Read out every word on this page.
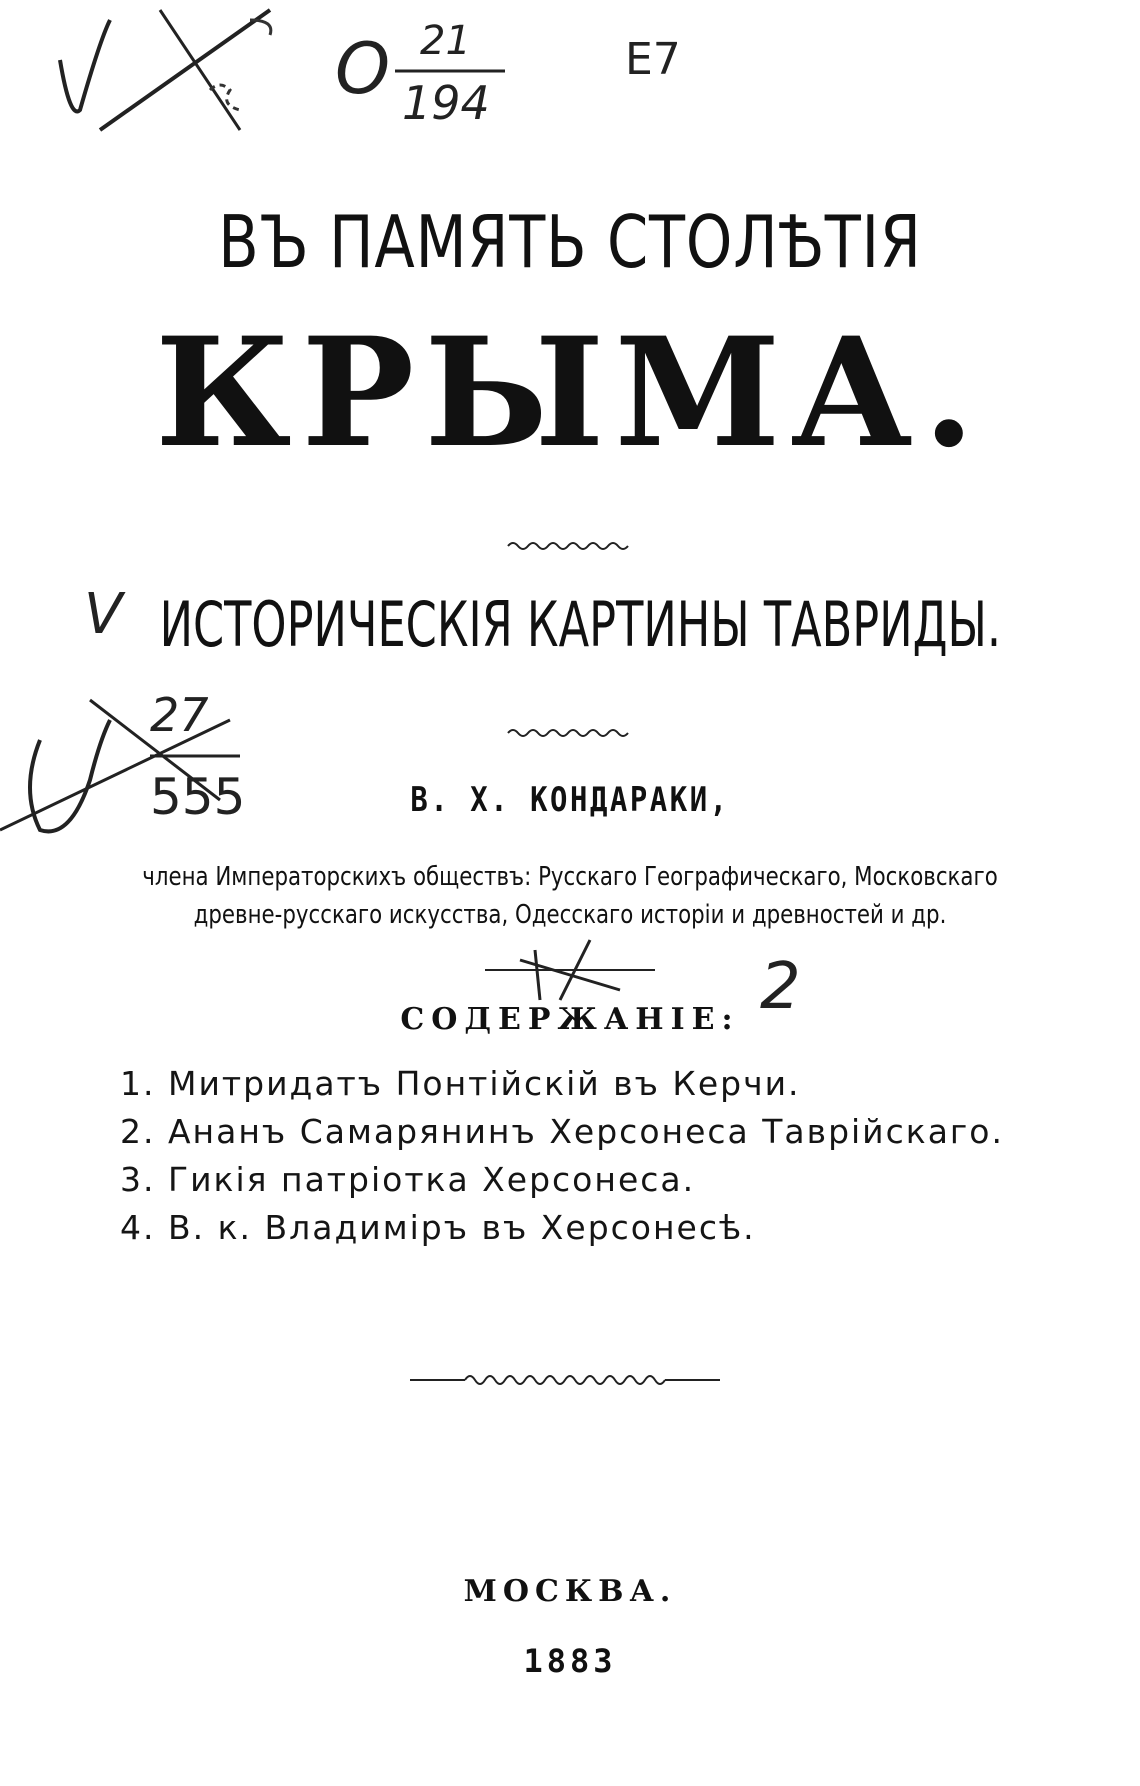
O 21
194
E7
ВЪ ПАМЯТЬ СТОЛѢТІЯ
КРЫМА.
V ИСТОРИЧЕСКІЯ КАРТИНЫ ТАВРИДЫ.
27
555	В. Х. КОНДАРАКИ,
члена Императорскихъ обществъ: Русскаго Географическаго, Московскаго
древне-русскаго искусства, Одесскаго исторіи и древностей и др.
СОДЕРЖАНІЕ: 2
1. Митридатъ Понтійскій въ Керчи.
2. Ананъ Самарянинъ Херсонеса Таврійскаго.
3. Гикія патріотка Херсонеса.
4. В. к. Владиміръ въ Херсонесѣ.
МОСКВА.
1883
